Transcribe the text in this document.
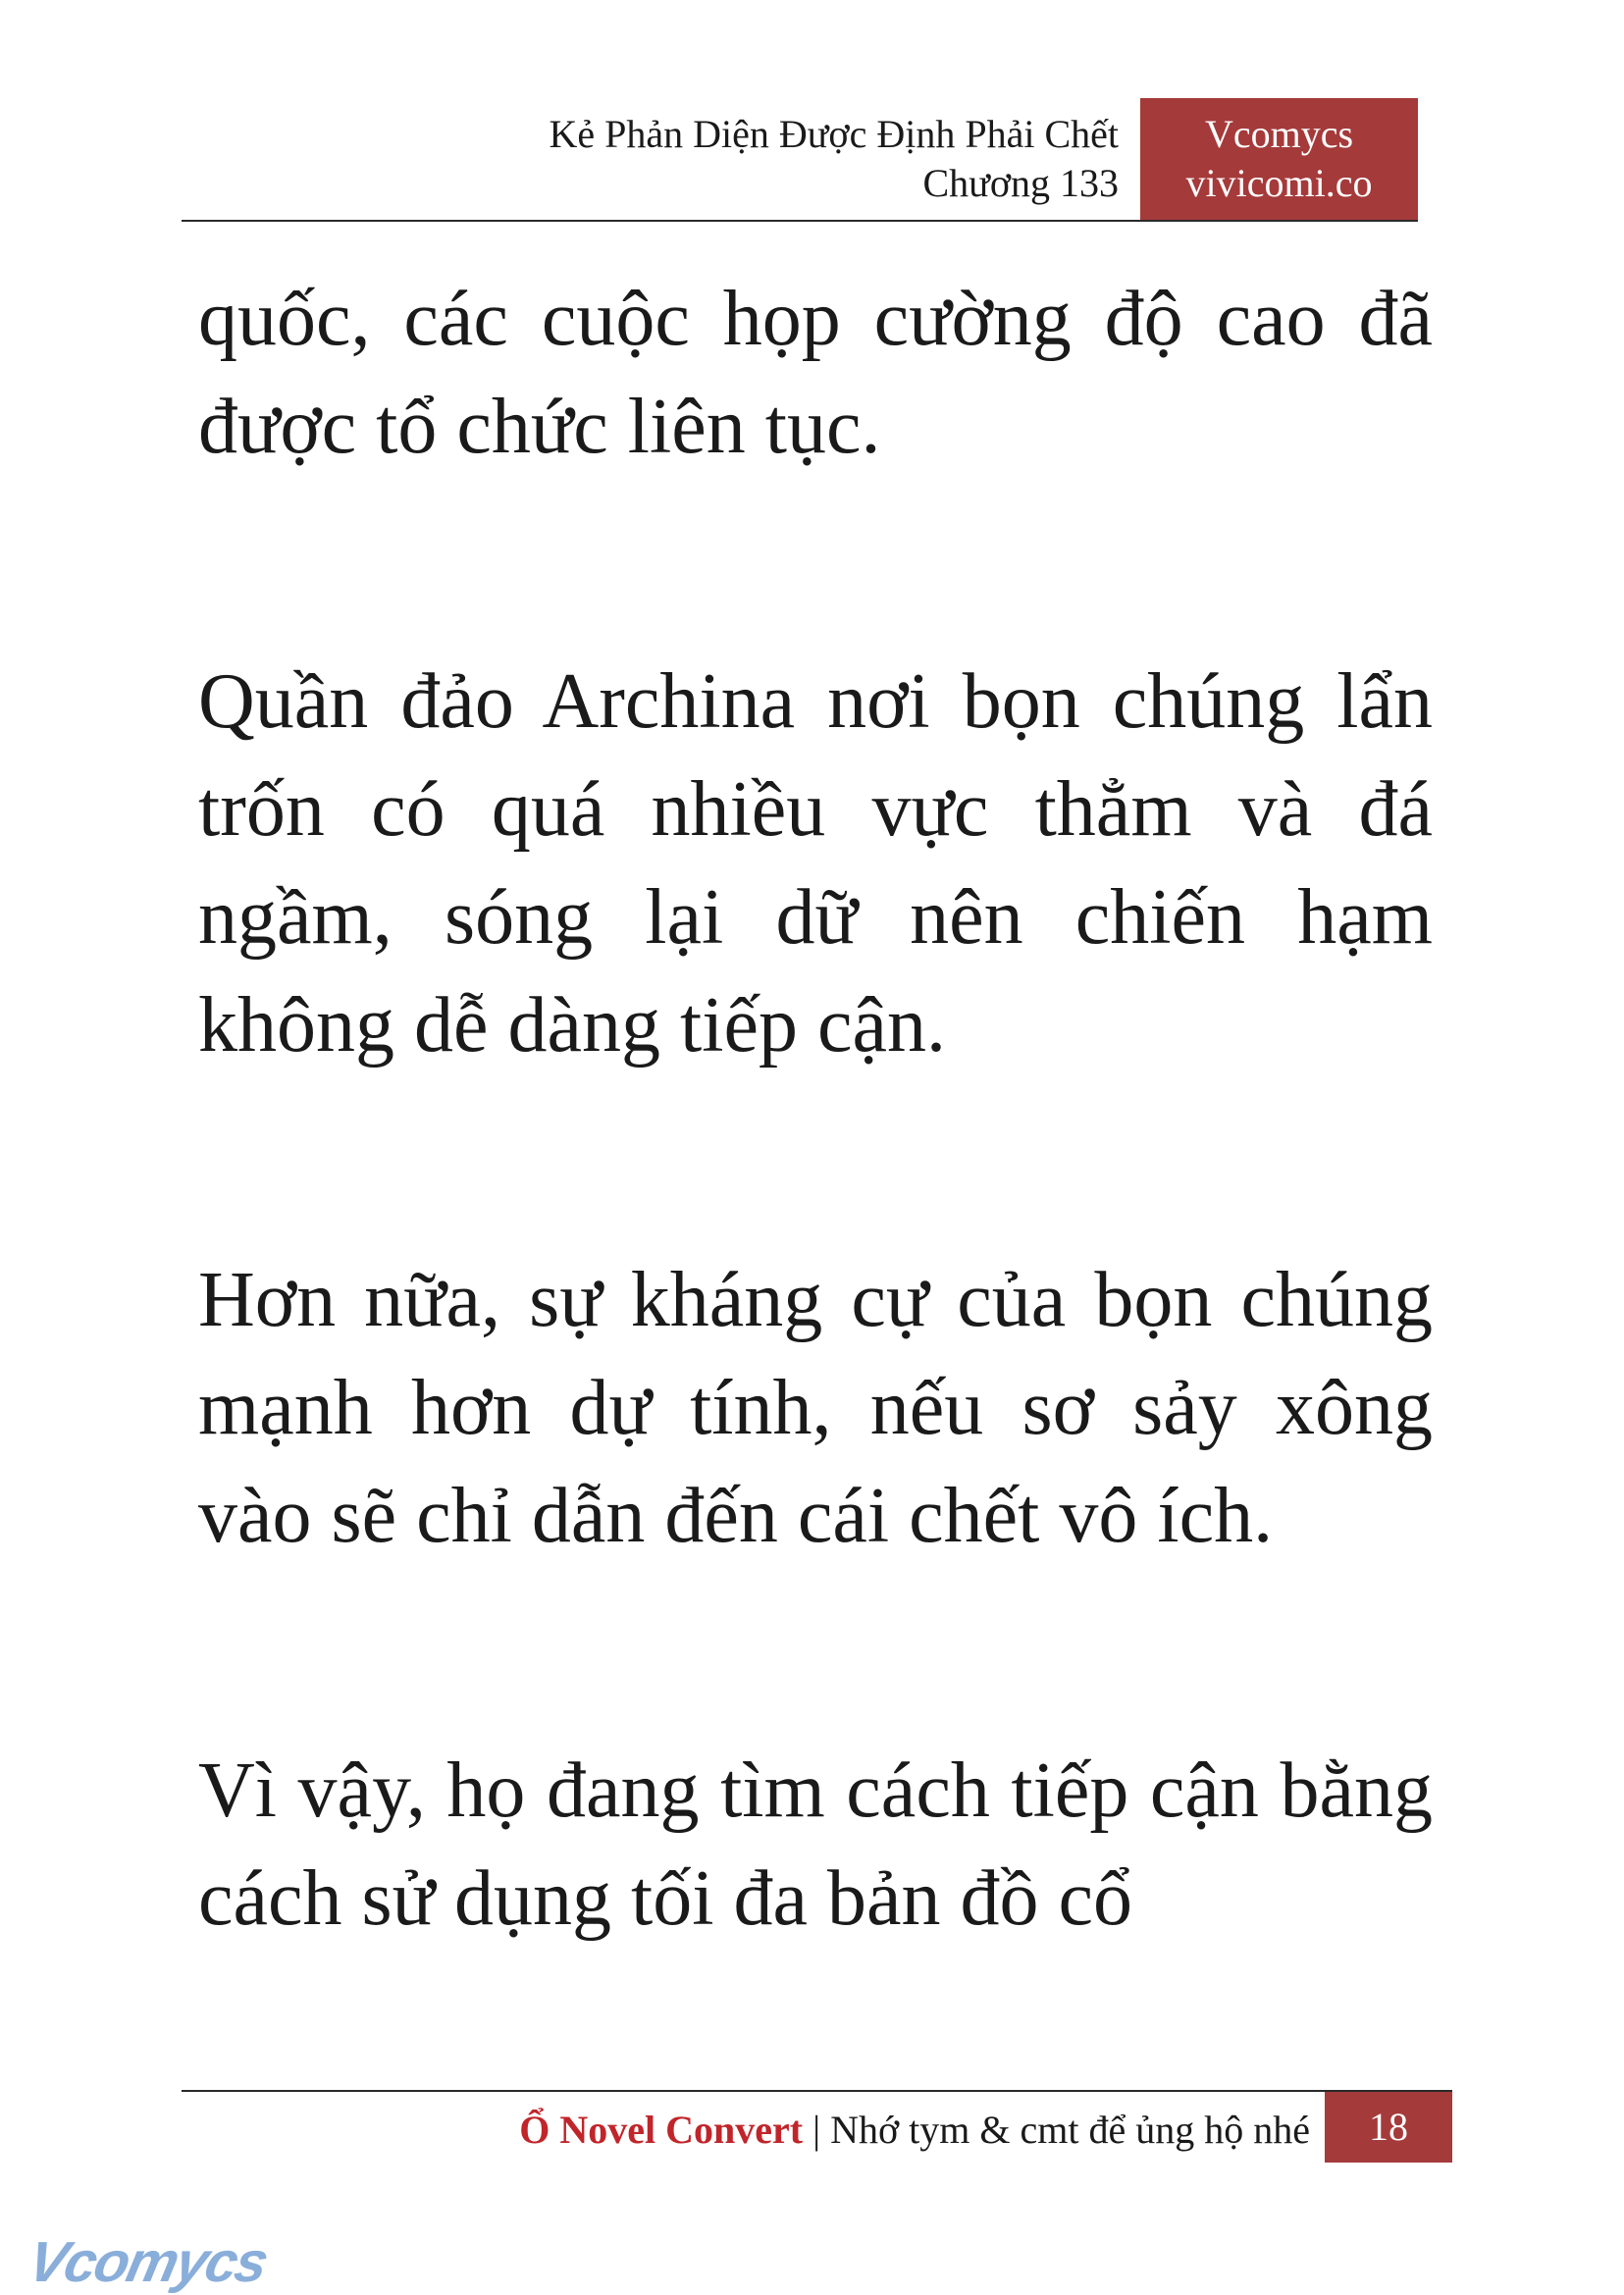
Kẻ Phản Diện Được Định Phải Chết
Chương 133
Vcomycs
vivicomi.co

quốc, các cuộc họp cường độ cao đã được tổ chức liên tục.

Quần đảo Archina nơi bọn chúng lẩn trốn có quá nhiều vực thẳm và đá ngầm, sóng lại dữ nên chiến hạm không dễ dàng tiếp cận.

Hơn nữa, sự kháng cự của bọn chúng mạnh hơn dự tính, nếu sơ sảy xông vào sẽ chỉ dẫn đến cái chết vô ích.

Vì vậy, họ đang tìm cách tiếp cận bằng cách sử dụng tối đa bản đồ cổ

Ổ Novel Convert | Nhớ tym & cmt để ủng hộ nhé	18
Vcomycs
